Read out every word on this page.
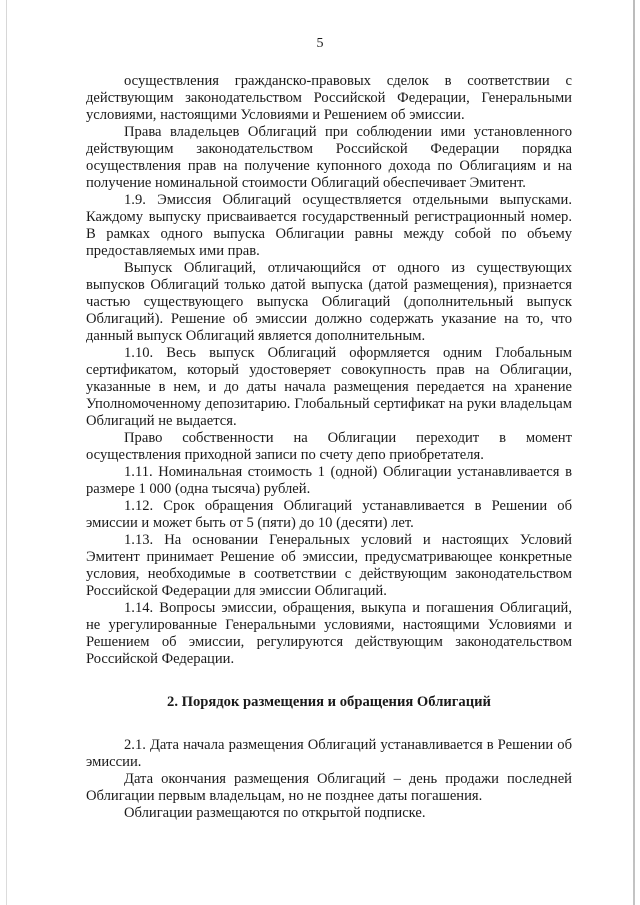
5

осуществления гражданско-правовых сделок в соответствии с действующим законодательством Российской Федерации, Генеральными условиями, настоящими Условиями и Решением об эмиссии.

Права владельцев Облигаций при соблюдении ими установленного действующим законодательством Российской Федерации порядка осуществления прав на получение купонного дохода по Облигациям и на получение номинальной стоимости Облигаций обеспечивает Эмитент.

1.9. Эмиссия Облигаций осуществляется отдельными выпусками. Каждому выпуску присваивается государственный регистрационный номер. В рамках одного выпуска Облигации равны между собой по объему предоставляемых ими прав.

Выпуск Облигаций, отличающийся от одного из существующих выпусков Облигаций только датой выпуска (датой размещения), признается частью существующего выпуска Облигаций (дополнительный выпуск Облигаций). Решение об эмиссии должно содержать указание на то, что данный выпуск Облигаций является дополнительным.

1.10. Весь выпуск Облигаций оформляется одним Глобальным сертификатом, который удостоверяет совокупность прав на Облигации, указанные в нем, и до даты начала размещения передается на хранение Уполномоченному депозитарию. Глобальный сертификат на руки владельцам Облигаций не выдается.

Право собственности на Облигации переходит в момент осуществления приходной записи по счету депо приобретателя.

1.11. Номинальная стоимость 1 (одной) Облигации устанавливается в размере 1 000 (одна тысяча) рублей.

1.12. Срок обращения Облигаций устанавливается в Решении об эмиссии и может быть от 5 (пяти) до 10 (десяти) лет.

1.13. На основании Генеральных условий и настоящих Условий Эмитент принимает Решение об эмиссии, предусматривающее конкретные условия, необходимые в соответствии с действующим законодательством Российской Федерации для эмиссии Облигаций.

1.14. Вопросы эмиссии, обращения, выкупа и погашения Облигаций, не урегулированные Генеральными условиями, настоящими Условиями и Решением об эмиссии, регулируются действующим законодательством Российской Федерации.

2. Порядок размещения и обращения Облигаций

2.1. Дата начала размещения Облигаций устанавливается в Решении об эмиссии.

Дата окончания размещения Облигаций – день продажи последней Облигации первым владельцам, но не позднее даты погашения.

Облигации размещаются по открытой подписке.
